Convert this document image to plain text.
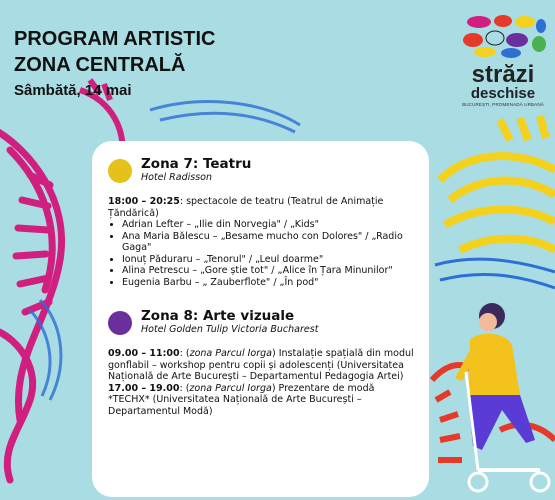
PROGRAM ARTISTIC
ZONA CENTRALĂ
Sâmbătă, 14 mai
străzi
deschise
BUCUREȘTI, PROMENADĂ URBANĂ
Zona 7: Teatru
Hotel Radisson
18:00 – 20:25: spectacole de teatru (Teatrul de Animație Țăndărică)
• Adrian Lefter – „Ilie din Norvegia" / „Kids"
• Ana Maria Bălescu – „Besame mucho con Dolores" / „Radio Gaga"
• Ionuț Păduraru – „Tenorul" / „Leul doarme"
• Alina Petrescu – „Gore știe tot" / „Alice în Țara Minunilor"
• Eugenia Barbu – „ Zauberflote" / „În pod"
Zona 8: Arte vizuale
Hotel Golden Tulip Victoria Bucharest
09.00 – 11:00: (zona Parcul Iorga) Instalație spațială din modul gonflabil – workshop pentru copii și adolescenți (Universitatea Națională de Arte București – Departamentul Pedagogia Artei)
17.00 – 19.00: (zona Parcul Iorga) Prezentare de modă *TECHX* (Universitatea Națională de Arte București – Departamentul Modă)
